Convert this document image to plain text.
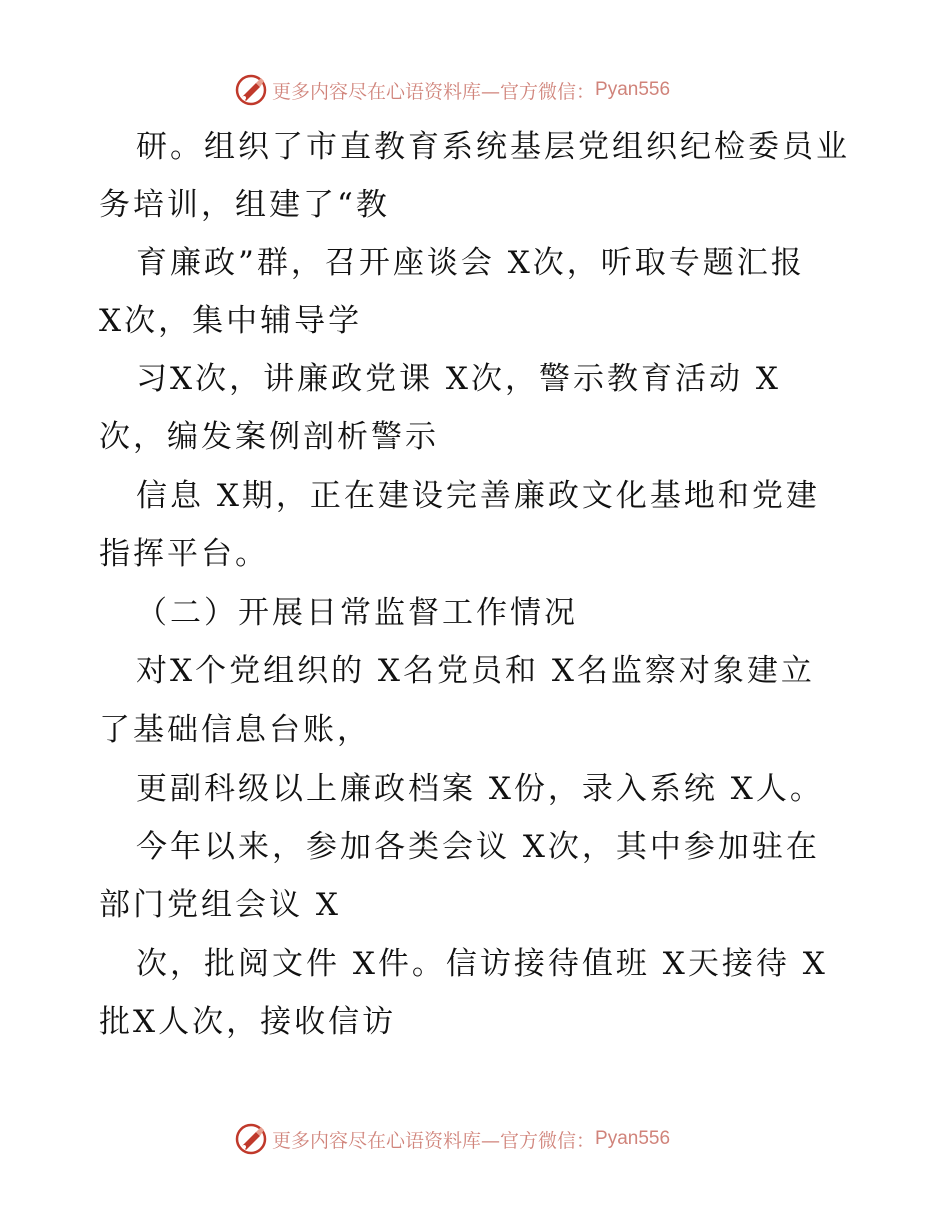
更多内容尽在心语资料库—官方微信： Pyan556
研。组织了市直教育系统基层党组织纪检委员业
务培训，组建了“教
育廉政”群，召开座谈会 X次，听取专题汇报
X次，集中辅导学
习X次，讲廉政党课 X次，警示教育活动 X
次，编发案例剖析警示
信息 X期，正在建设完善廉政文化基地和党建
指挥平台。
（二）开展日常监督工作情况
对X个党组织的 X名党员和 X名监察对象建立
了基础信息台账，
更副科级以上廉政档案 X份，录入系统 X人。
今年以来，参加各类会议 X次，其中参加驻在
部门党组会议 X
次，批阅文件 X件。信访接待值班 X天接待 X
批X人次，接收信访
更多内容尽在心语资料库—官方微信： Pyan556
